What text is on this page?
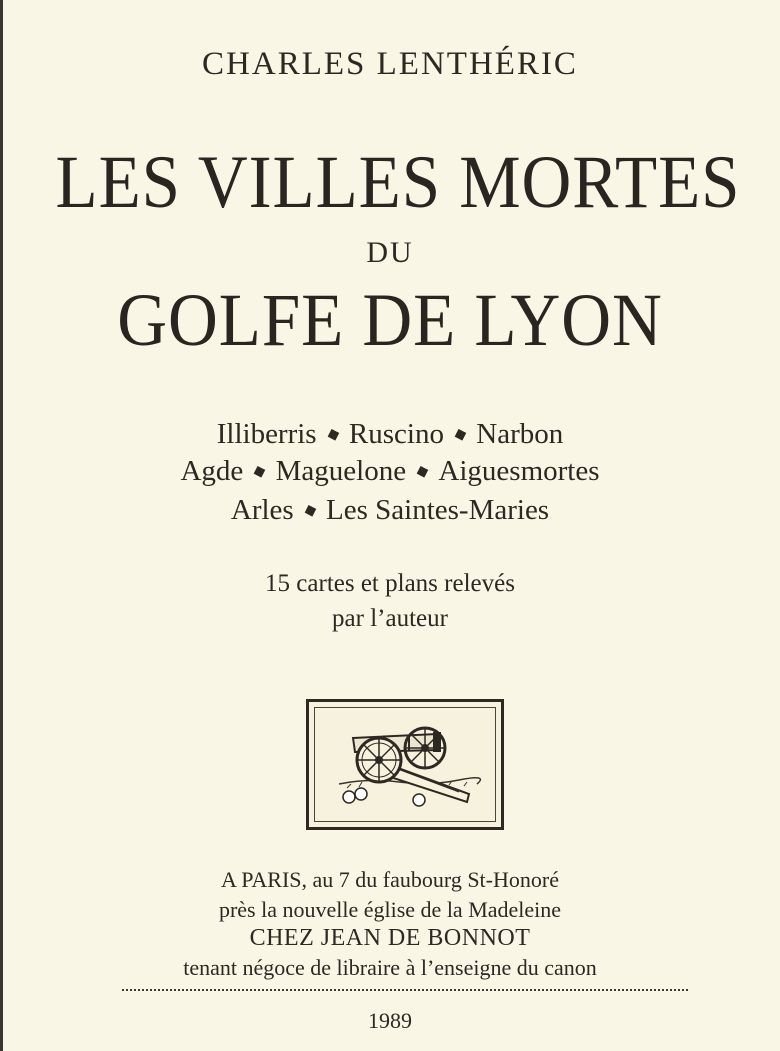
CHARLES LENTHÉRIC
LES VILLES MORTES
DU
GOLFE DE LYON
Illiberris ◆ Ruscino ◆ Narbon
Agde ◆ Maguelone ◆ Aiguesmortes
Arles ◆ Les Saintes-Maries
15 cartes et plans relevés
par l’auteur
A PARIS, au 7 du faubourg St-Honoré
près la nouvelle église de la Madeleine
CHEZ JEAN DE BONNOT
tenant négoce de libraire à l’enseigne du canon
1989
